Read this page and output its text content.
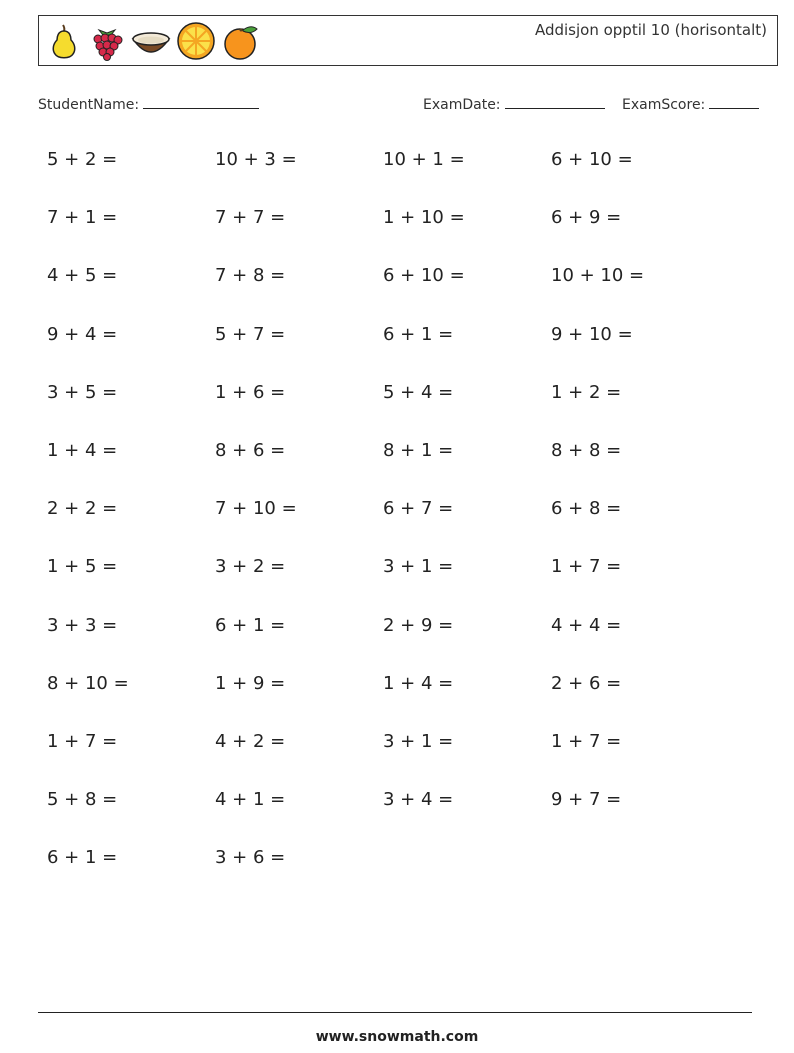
Addisjon opptil 10 (horisontalt)
StudentName:	ExamDate:	ExamScore:
5 + 2 =	10 + 3 =	10 + 1 =	6 + 10 =
7 + 1 =	7 + 7 =	1 + 10 =	6 + 9 =
4 + 5 =	7 + 8 =	6 + 10 =	10 + 10 =
9 + 4 =	5 + 7 =	6 + 1 =	9 + 10 =
3 + 5 =	1 + 6 =	5 + 4 =	1 + 2 =
1 + 4 =	8 + 6 =	8 + 1 =	8 + 8 =
2 + 2 =	7 + 10 =	6 + 7 =	6 + 8 =
1 + 5 =	3 + 2 =	3 + 1 =	1 + 7 =
3 + 3 =	6 + 1 =	2 + 9 =	4 + 4 =
8 + 10 =	1 + 9 =	1 + 4 =	2 + 6 =
1 + 7 =	4 + 2 =	3 + 1 =	1 + 7 =
5 + 8 =	4 + 1 =	3 + 4 =	9 + 7 =
6 + 1 =	3 + 6 =
www.snowmath.com
